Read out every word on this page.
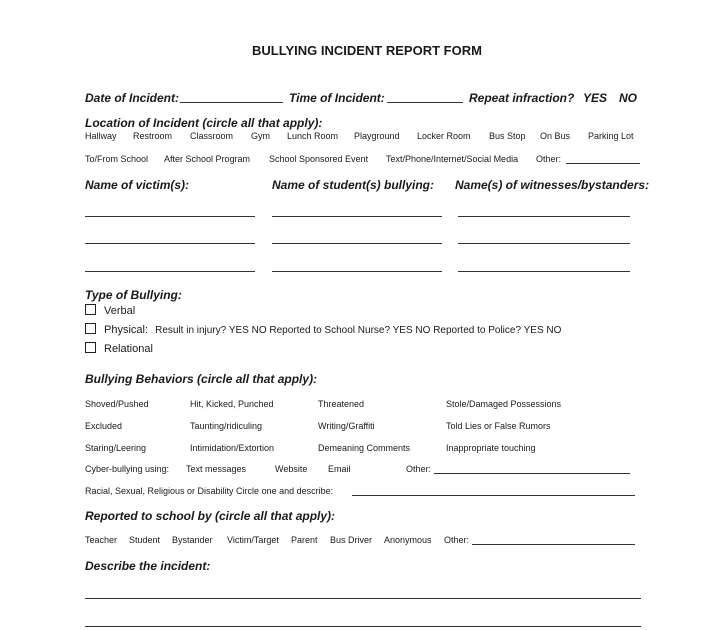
BULLYING INCIDENT REPORT FORM
Date of Incident:	Time of Incident:	Repeat infraction? YES NO
Location of Incident (circle all that apply):
Hallway Restroom Classroom Gym Lunch Room Playground Locker Room Bus Stop On Bus Parking Lot
To/From School After School Program School Sponsored Event Text/Phone/Internet/Social Media Other:
Name of victim(s):	Name of student(s) bullying: Name(s) of witnesses/bystanders:
Type of Bullying:
Verbal
Physical: Result in injury? YES NO Reported to School Nurse? YES NO Reported to Police? YES NO
Relational
Bullying Behaviors (circle all that apply):
Shoved/Pushed	Hit, Kicked, Punched	Threatened	Stole/Damaged Possessions
Excluded	Taunting/ridiculing	Writing/Graffiti	Told Lies or False Rumors
Staring/Leering	Intimidation/Extortion	Demeaning Comments	Inappropriate touching
Cyber-bullying using: Text messages	Website Email	Other:
Racial, Sexual, Religious or Disability Circle one and describe:
Reported to school by (circle all that apply):
Teacher Student Bystander Victim/Target Parent Bus Driver Anonymous Other:
Describe the incident:
